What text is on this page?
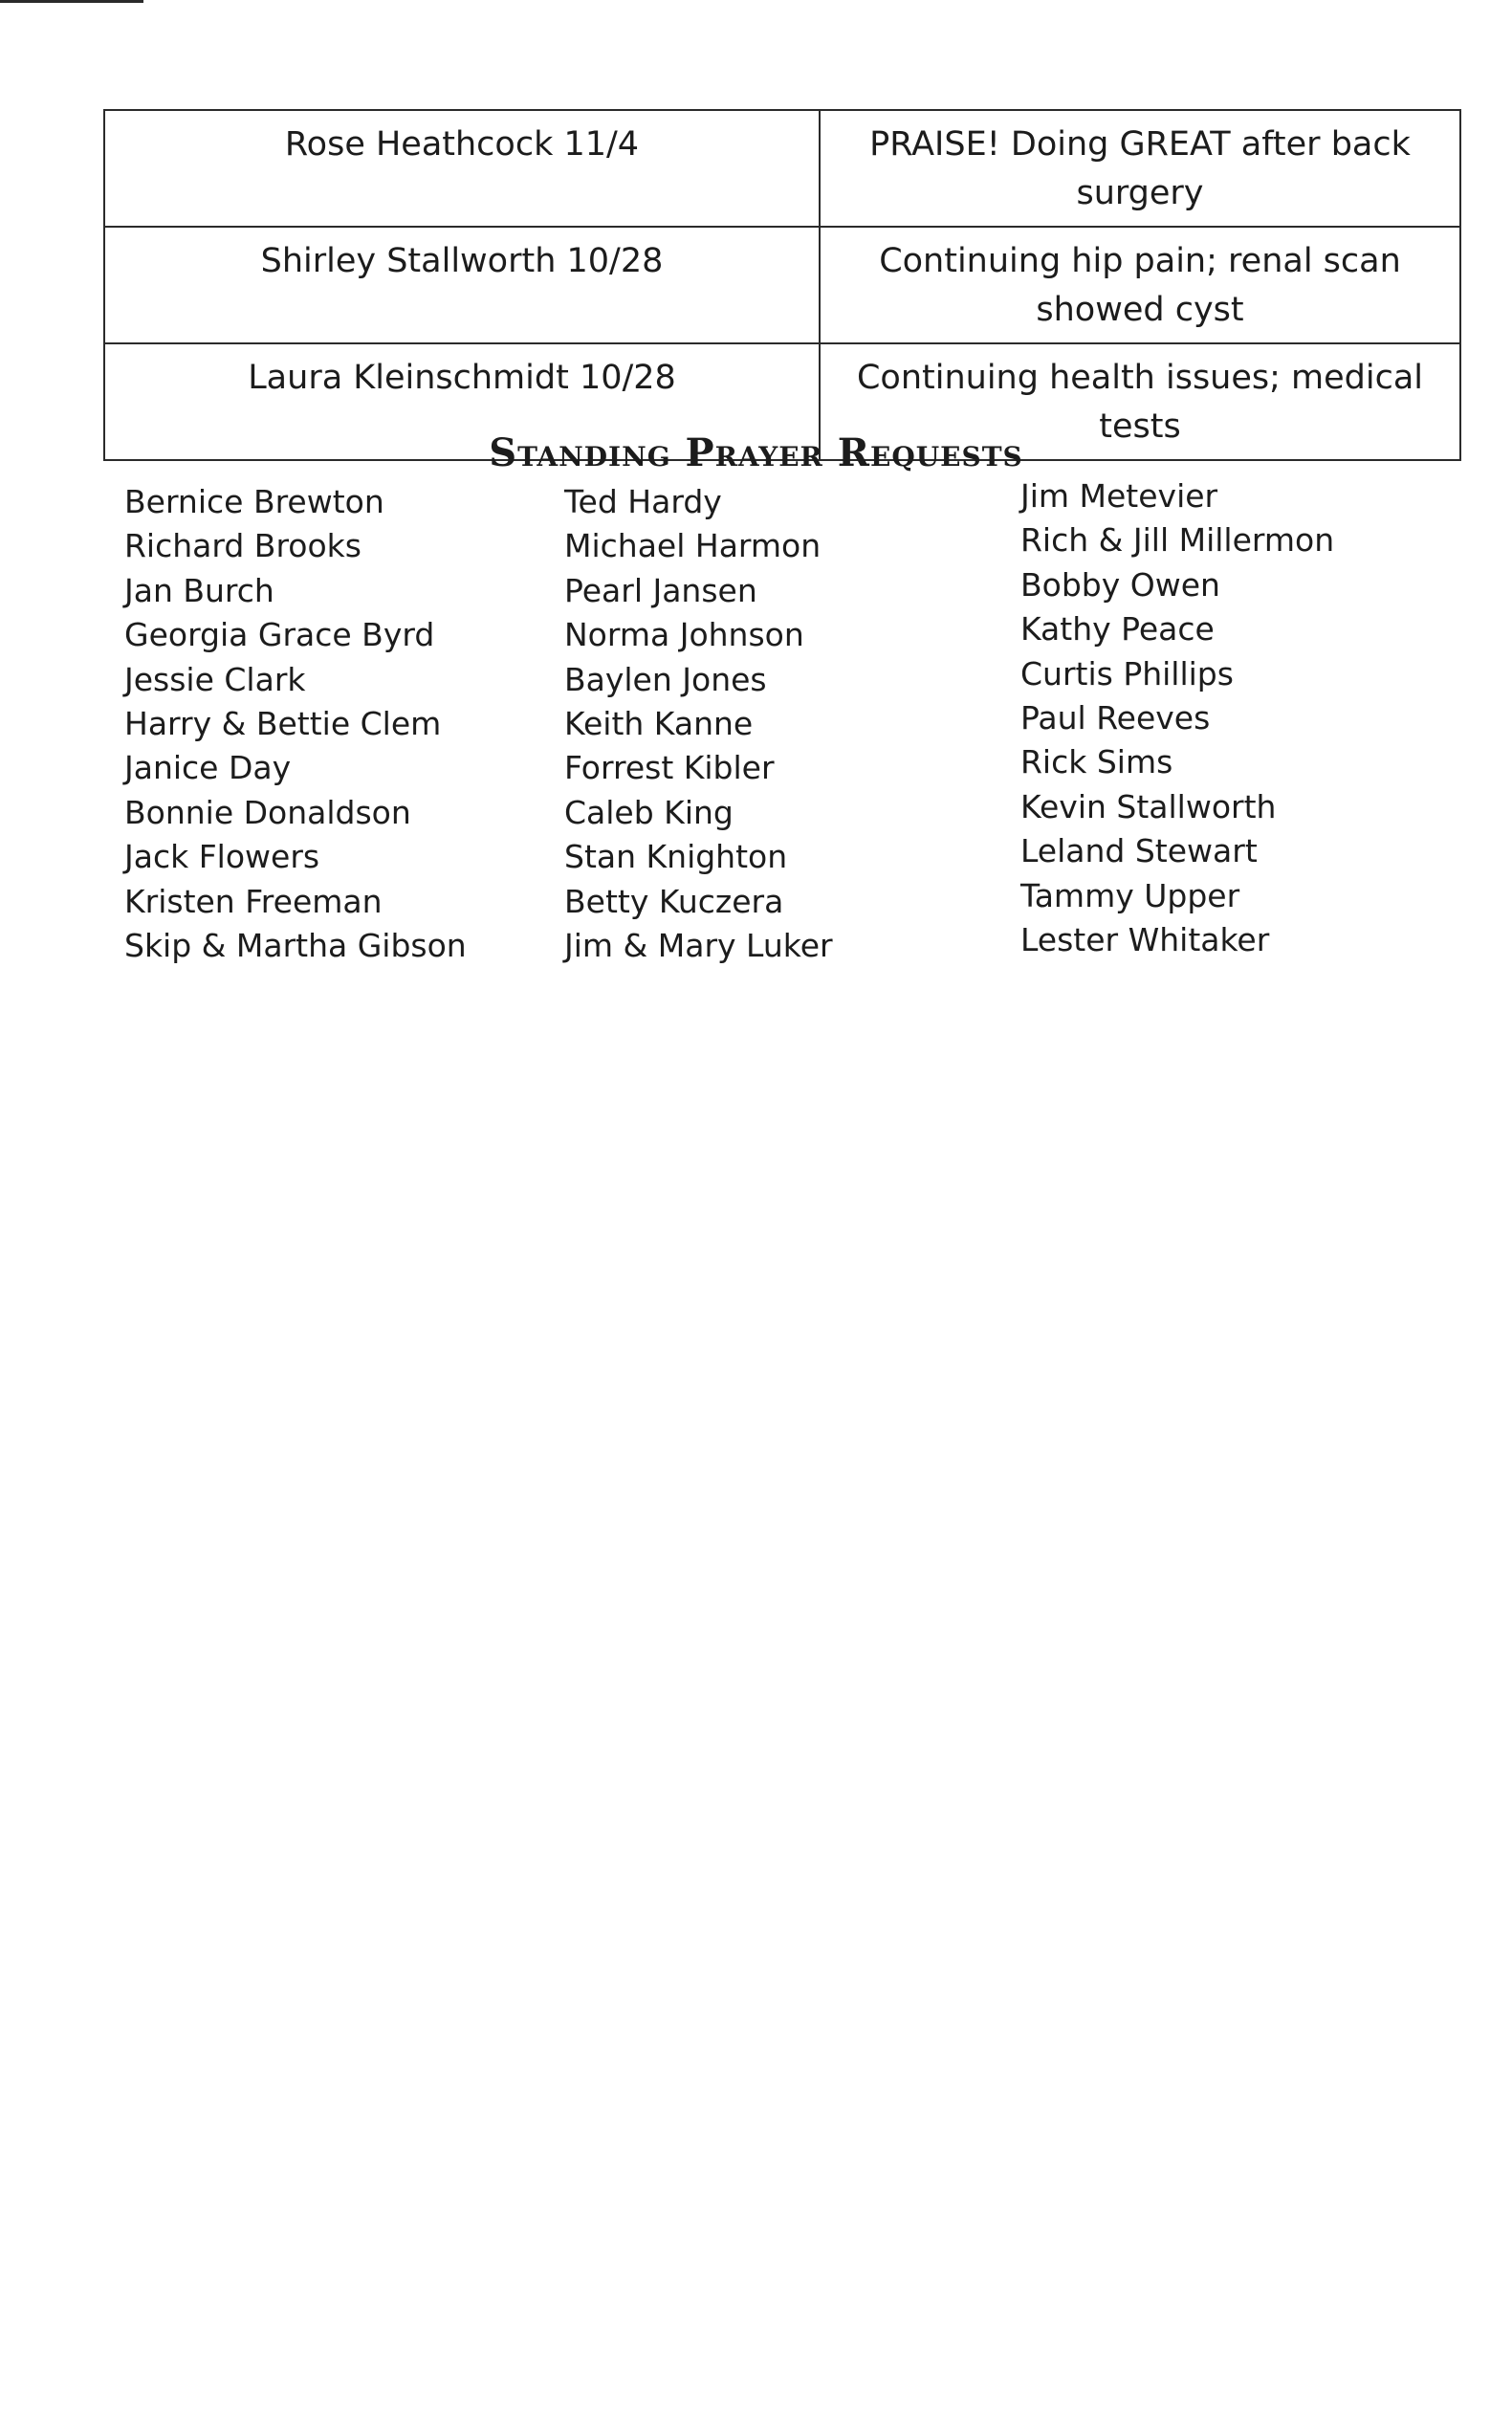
Rose Heathcock 11/4	PRAISE! Doing GREAT after back surgery
Shirley Stallworth 10/28	Continuing hip pain; renal scan showed cyst
Laura Kleinschmidt 10/28	Continuing health issues; medical tests
Standing Prayer Requests
Bernice Brewton
Richard Brooks
Jan Burch
Georgia Grace Byrd
Jessie Clark
Harry & Bettie Clem
Janice Day
Bonnie Donaldson
Jack Flowers
Kristen Freeman
Skip & Martha Gibson
Ted Hardy
Michael Harmon
Pearl Jansen
Norma Johnson
Baylen Jones
Keith Kanne
Forrest Kibler
Caleb King
Stan Knighton
Betty Kuczera
Jim & Mary Luker
Jim Metevier
Rich & Jill Millermon
Bobby Owen
Kathy Peace
Curtis Phillips
Paul Reeves
Rick Sims
Kevin Stallworth
Leland Stewart
Tammy Upper
Lester Whitaker
